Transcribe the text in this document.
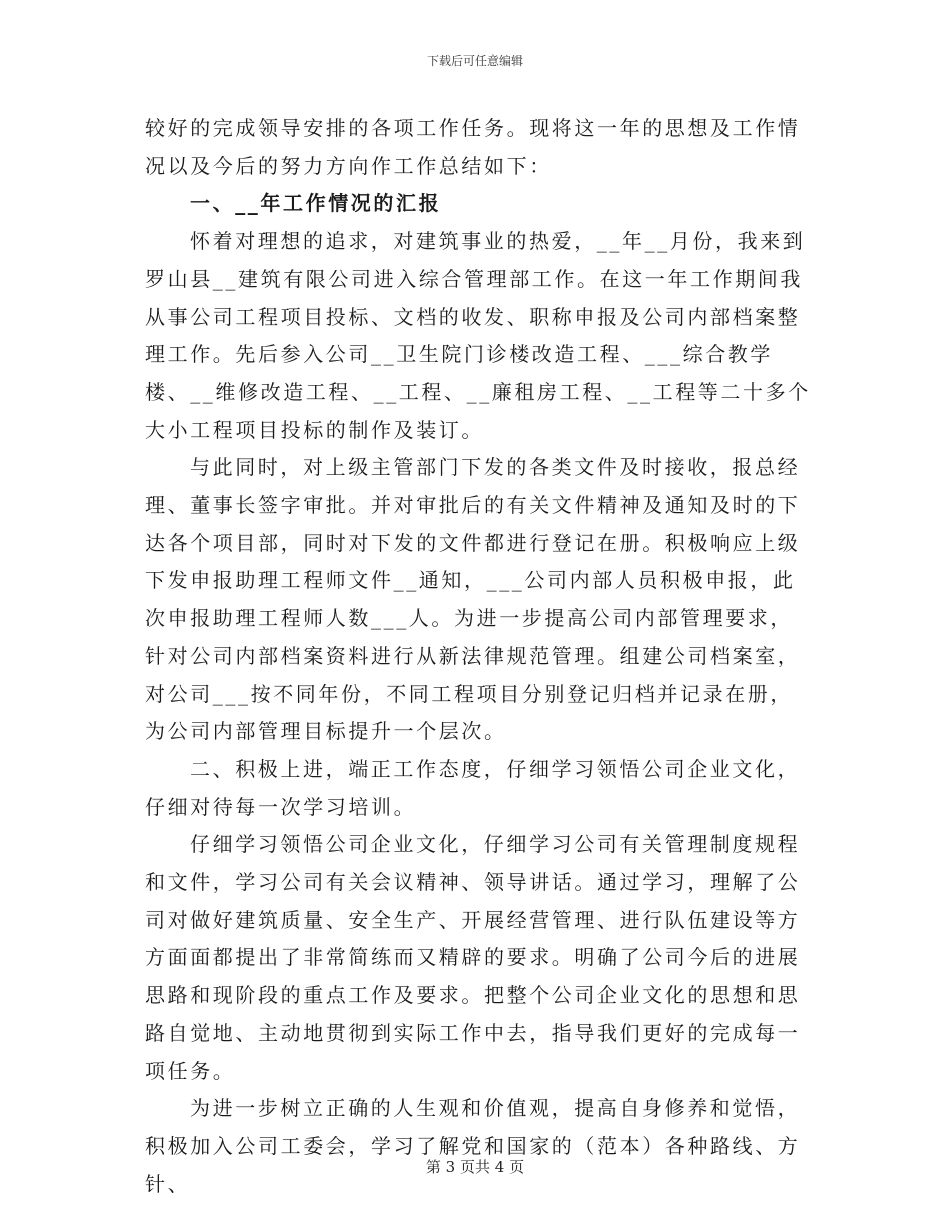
下载后可任意编辑

较好的完成领导安排的各项工作任务。现将这一年的思想及工作情况以及今后的努力方向作工作总结如下：

一、__年工作情况的汇报

怀着对理想的追求，对建筑事业的热爱，__年__月份，我来到罗山县__建筑有限公司进入综合管理部工作。在这一年工作期间我从事公司工程项目投标、文档的收发、职称申报及公司内部档案整理工作。先后参入公司__卫生院门诊楼改造工程、___综合教学楼、__维修改造工程、__工程、__廉租房工程、__工程等二十多个大小工程项目投标的制作及装订。

与此同时，对上级主管部门下发的各类文件及时接收，报总经理、董事长签字审批。并对审批后的有关文件精神及通知及时的下达各个项目部，同时对下发的文件都进行登记在册。积极响应上级下发申报助理工程师文件__通知，___公司内部人员积极申报，此次申报助理工程师人数___人。为进一步提高公司内部管理要求，针对公司内部档案资料进行从新法律规范管理。组建公司档案室，对公司___按不同年份，不同工程项目分别登记归档并记录在册，为公司内部管理目标提升一个层次。

二、积极上进，端正工作态度，仔细学习领悟公司企业文化，仔细对待每一次学习培训。

仔细学习领悟公司企业文化，仔细学习公司有关管理制度规程和文件，学习公司有关会议精神、领导讲话。通过学习，理解了公司对做好建筑质量、安全生产、开展经营管理、进行队伍建设等方方面面都提出了非常简练而又精辟的要求。明确了公司今后的进展思路和现阶段的重点工作及要求。把整个公司企业文化的思想和思路自觉地、主动地贯彻到实际工作中去，指导我们更好的完成每一项任务。

为进一步树立正确的人生观和价值观，提高自身修养和觉悟，积极加入公司工委会，学习了解党和国家的（范本）各种路线、方针、

第 3 页共 4 页
